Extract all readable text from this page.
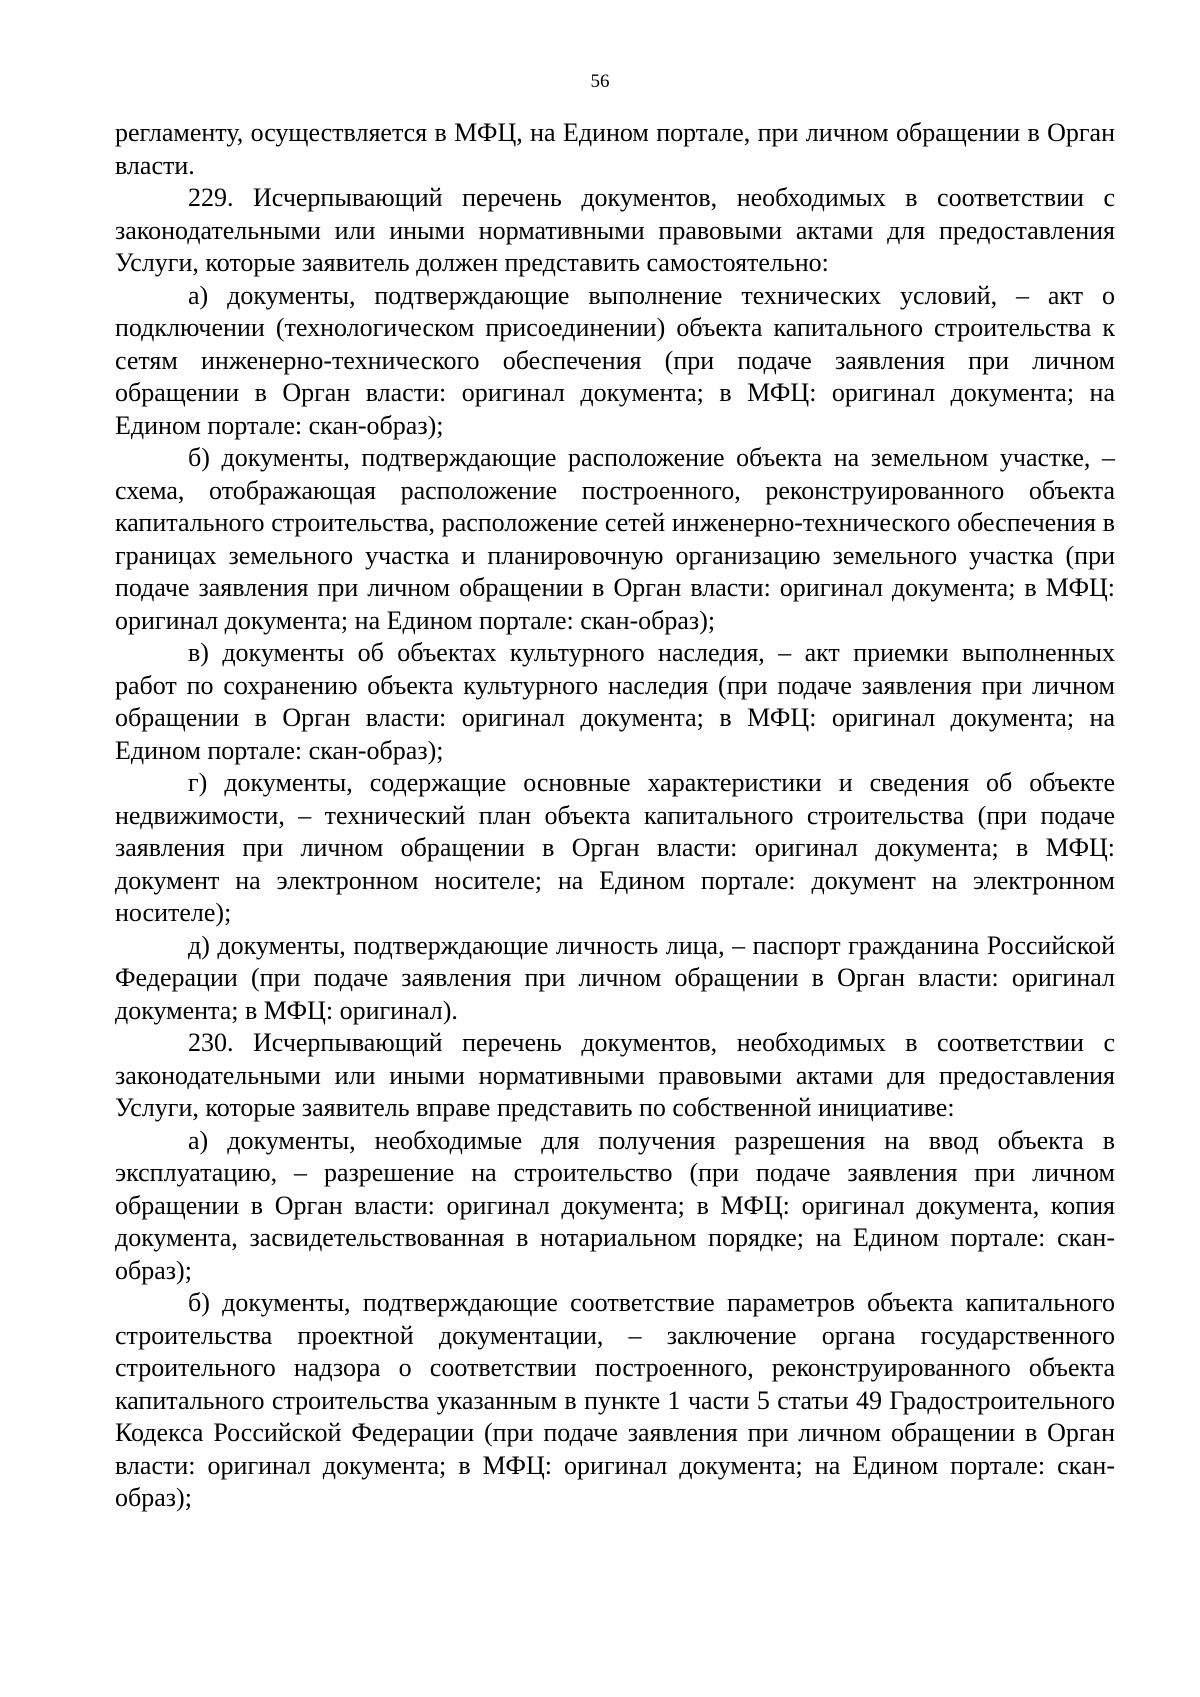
56

регламенту, осуществляется в МФЦ, на Едином портале, при личном обращении в Орган власти.

229. Исчерпывающий перечень документов, необходимых в соответствии с законодательными или иными нормативными правовыми актами для предоставления Услуги, которые заявитель должен представить самостоятельно:

а) документы, подтверждающие выполнение технических условий, – акт о подключении (технологическом присоединении) объекта капитального строительства к сетям инженерно-технического обеспечения (при подаче заявления при личном обращении в Орган власти: оригинал документа; в МФЦ: оригинал документа; на Едином портале: скан-образ);

б) документы, подтверждающие расположение объекта на земельном участке, – схема, отображающая расположение построенного, реконструированного объекта капитального строительства, расположение сетей инженерно-технического обеспечения в границах земельного участка и планировочную организацию земельного участка (при подаче заявления при личном обращении в Орган власти: оригинал документа; в МФЦ: оригинал документа; на Едином портале: скан-образ);

в) документы об объектах культурного наследия, – акт приемки выполненных работ по сохранению объекта культурного наследия (при подаче заявления при личном обращении в Орган власти: оригинал документа; в МФЦ: оригинал документа; на Едином портале: скан-образ);

г) документы, содержащие основные характеристики и сведения об объекте недвижимости, – технический план объекта капитального строительства (при подаче заявления при личном обращении в Орган власти: оригинал документа; в МФЦ: документ на электронном носителе; на Едином портале: документ на электронном носителе);

д) документы, подтверждающие личность лица, – паспорт гражданина Российской Федерации (при подаче заявления при личном обращении в Орган власти: оригинал документа; в МФЦ: оригинал).

230. Исчерпывающий перечень документов, необходимых в соответствии с законодательными или иными нормативными правовыми актами для предоставления Услуги, которые заявитель вправе представить по собственной инициативе:

а) документы, необходимые для получения разрешения на ввод объекта в эксплуатацию, – разрешение на строительство (при подаче заявления при личном обращении в Орган власти: оригинал документа; в МФЦ: оригинал документа, копия документа, засвидетельствованная в нотариальном порядке; на Едином портале: скан-образ);

б) документы, подтверждающие соответствие параметров объекта капитального строительства проектной документации, – заключение органа государственного строительного надзора о соответствии построенного, реконструированного объекта капитального строительства указанным в пункте 1 части 5 статьи 49 Градостроительного Кодекса Российской Федерации (при подаче заявления при личном обращении в Орган власти: оригинал документа; в МФЦ: оригинал документа; на Едином портале: скан-образ);
